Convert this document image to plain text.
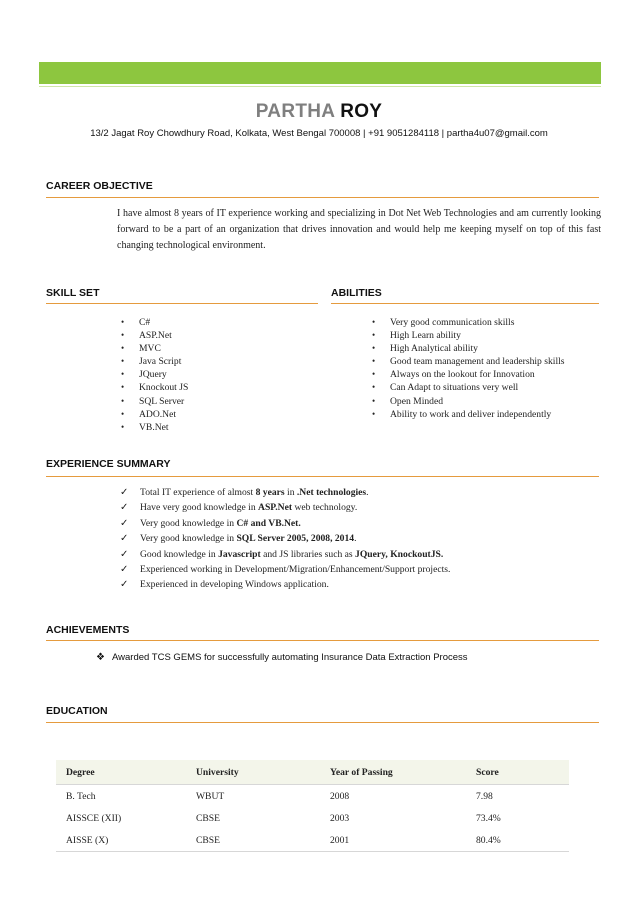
PARTHA ROY
13/2 Jagat Roy Chowdhury Road, Kolkata, West Bengal 700008 | +91 9051284118 | partha4u07@gmail.com
CAREER OBJECTIVE
I have almost 8 years of IT experience working and specializing in Dot Net Web Technologies and am currently looking forward to be a part of an organization that drives innovation and would help me keeping myself on top of this fast changing technological environment.
SKILL SET	ABILITIES
• C#
• ASP.Net
• MVC
• Java Script
• JQuery
• Knockout JS
• SQL Server
• ADO.Net
• VB.Net
• Very good communication skills
• High Learn ability
• High Analytical ability
• Good team management and leadership skills
• Always on the lookout for Innovation
• Can Adapt to situations very well
• Open Minded
• Ability to work and deliver independently
EXPERIENCE SUMMARY
✓ Total IT experience of almost 8 years in .Net technologies.
✓ Have very good knowledge in ASP.Net web technology.
✓ Very good knowledge in C# and VB.Net.
✓ Very good knowledge in SQL Server 2005, 2008, 2014.
✓ Good knowledge in Javascript and JS libraries such as JQuery, KnockoutJS.
✓ Experienced working in Development/Migration/Enhancement/Support projects.
✓ Experienced in developing Windows application.
ACHIEVEMENTS
❖ Awarded TCS GEMS for successfully automating Insurance Data Extraction Process
EDUCATION
Degree	University	Year of Passing	Score
B. Tech	WBUT	2008	7.98
AISSCE (XII)	CBSE	2003	73.4%
AISSE (X)	CBSE	2001	80.4%
